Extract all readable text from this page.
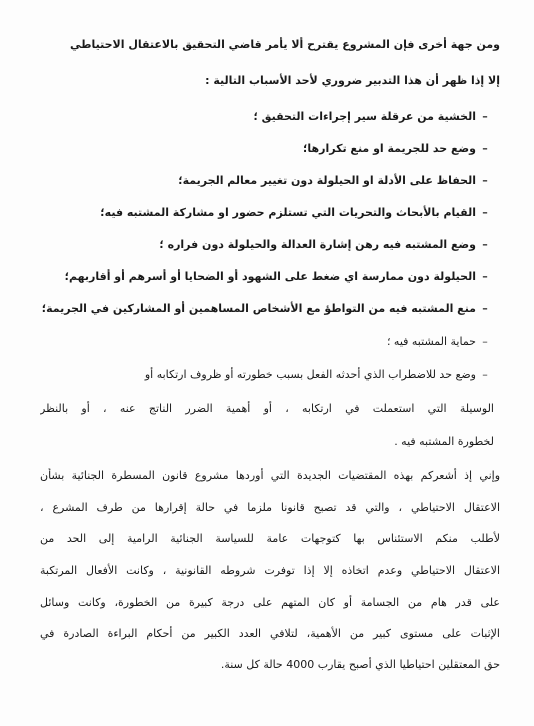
ومن جهة أخرى فإن المشروع يقترح ألا يأمر قاضي التحقيق بالاعتقال الاحتياطي
إلا إذا ظهر أن هذا التدبير ضروري لأحد الأسباب التالية :
–الخشية من عرقلة سير إجراءات التحقيق ؛
–وضع حد للجريمة او منع تكرارها؛
–الحفاظ على الأدلة او الحيلولة دون تغيير معالم الجريمة؛
–القيام بالأبحاث والتحريات التي تستلزم حضور او مشاركة المشتبه فيه؛
–وضع المشتبه فيه رهن إشارة العدالة والحيلولة دون فراره ؛
–الحيلولة دون ممارسة اي ضغط على الشهود أو الضحايا أو أسرهم أو أقاربهم؛
–منع المشتبه فيه من التواطؤ مع الأشخاص المساهمين أو المشاركين في الجريمة؛
–حماية المشتبه فيه ؛
–وضع حد للاضطراب الذي أحدثه الفعل بسبب خطورته أو ظروف ارتكابه أو
الوسيلة التي استعملت في ارتكابه ، أو أهمية الضرر الناتج عنه ، أو بالنظر
لخطورة المشتبه فيه .
وإني إذ أشعركم بهذه المقتضيات الجديدة التي أوردها مشروع قانون المسطرة الجنائية بشأن
الاعتقال الاحتياطي ، والتي قد تصبح قانونا ملزما في حالة إقرارها من طرف المشرع ،
لأطلب منكم الاستئناس بها كتوجهات عامة للسياسة الجنائية الرامية إلى الحد من
الاعتقال الاحتياطي وعدم اتخاذه إلا إذا توفرت شروطه القانونية ، وكانت الأفعال المرتكبة
على قدر هام من الجسامة أو كان المتهم على درجة كبيرة من الخطورة، وكانت وسائل
الإثبات على مستوى كبير من الأهمية، لتلافي العدد الكبير من أحكام البراءة الصادرة في
حق المعتقلين احتياطيا الذي أصبح يقارب 4000 حالة كل سنة.
